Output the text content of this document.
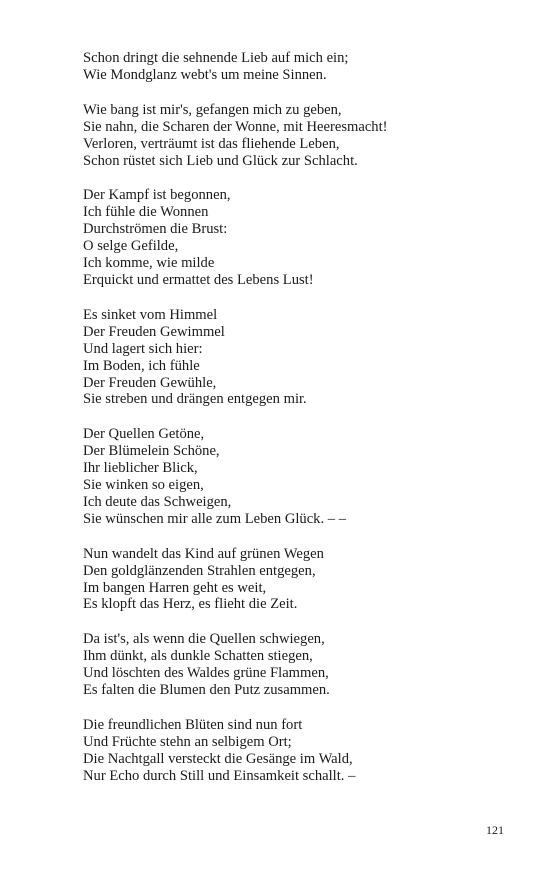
Schon dringt die sehnende Lieb auf mich ein;
Wie Mondglanz webt's um meine Sinnen.
Wie bang ist mir's, gefangen mich zu geben,
Sie nahn, die Scharen der Wonne, mit Heeresmacht!
Verloren, verträumt ist das fliehende Leben,
Schon rüstet sich Lieb und Glück zur Schlacht.
Der Kampf ist begonnen,
Ich fühle die Wonnen
Durchströmen die Brust:
O selge Gefilde,
Ich komme, wie milde
Erquickt und ermattet des Lebens Lust!
Es sinket vom Himmel
Der Freuden Gewimmel
Und lagert sich hier:
Im Boden, ich fühle
Der Freuden Gewühle,
Sie streben und drängen entgegen mir.
Der Quellen Getöne,
Der Blümelein Schöne,
Ihr lieblicher Blick,
Sie winken so eigen,
Ich deute das Schweigen,
Sie wünschen mir alle zum Leben Glück. – –
Nun wandelt das Kind auf grünen Wegen
Den goldglänzenden Strahlen entgegen,
Im bangen Harren geht es weit,
Es klopft das Herz, es flieht die Zeit.
Da ist's, als wenn die Quellen schwiegen,
Ihm dünkt, als dunkle Schatten stiegen,
Und löschten des Waldes grüne Flammen,
Es falten die Blumen den Putz zusammen.
Die freundlichen Blüten sind nun fort
Und Früchte stehn an selbigem Ort;
Die Nachtgall versteckt die Gesänge im Wald,
Nur Echo durch Still und Einsamkeit schallt. –
121
